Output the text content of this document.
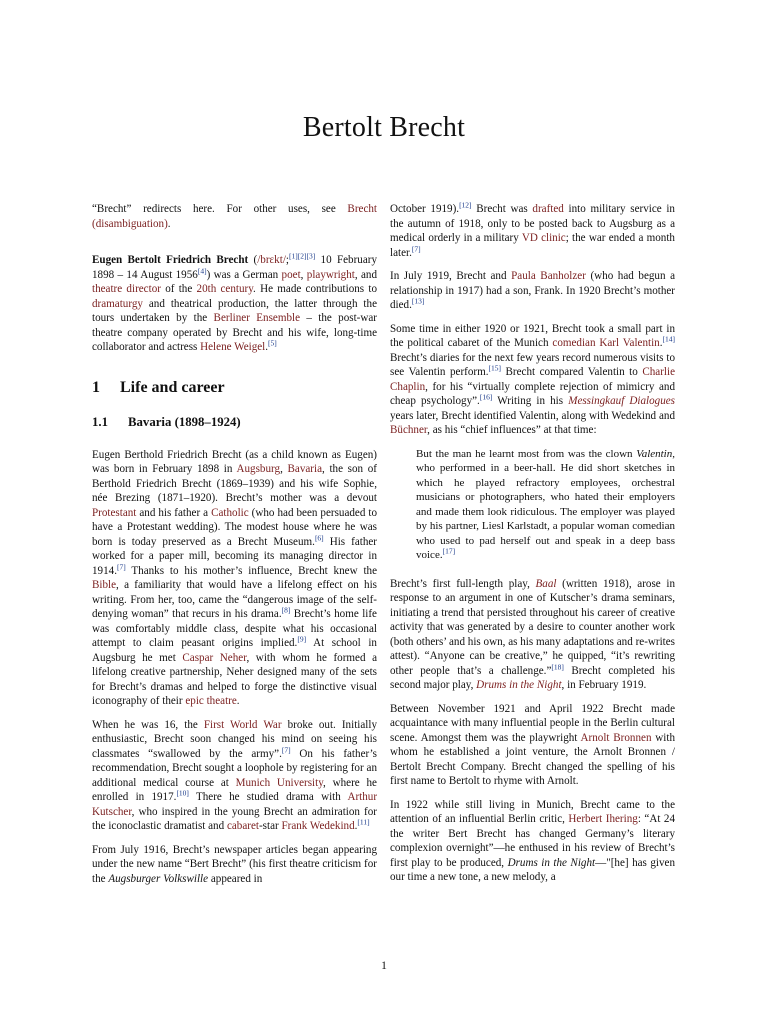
Bertolt Brecht

“Brecht” redirects here. For other uses, see Brecht (disambiguation).

Eugen Bertolt Friedrich Brecht (/brɛkt/;[1][2][3] 10 February 1898 – 14 August 1956[4]) was a German poet, playwright, and theatre director of the 20th century. He made contributions to dramaturgy and theatrical production, the latter through the tours undertaken by the Berliner Ensemble – the post-war theatre company operated by Brecht and his wife, long-time collaborator and actress Helene Weigel.[5]

1 Life and career
1.1 Bavaria (1898–1924)

Eugen Berthold Friedrich Brecht (as a child known as Eugen) was born in February 1898 in Augsburg, Bavaria, the son of Berthold Friedrich Brecht (1869–1939) and his wife Sophie, née Brezing (1871–1920). Brecht’s mother was a devout Protestant and his father a Catholic (who had been persuaded to have a Protestant wedding). The modest house where he was born is today preserved as a Brecht Museum.[6] His father worked for a paper mill, becoming its managing director in 1914.[7] Thanks to his mother’s influence, Brecht knew the Bible, a familiarity that would have a lifelong effect on his writing. From her, too, came the “dangerous image of the self-denying woman” that recurs in his drama.[8] Brecht’s home life was comfortably middle class, despite what his occasional attempt to claim peasant origins implied.[9] At school in Augsburg he met Caspar Neher, with whom he formed a lifelong creative partnership, Neher designed many of the sets for Brecht’s dramas and helped to forge the distinctive visual iconography of their epic theatre.

When he was 16, the First World War broke out. Initially enthusiastic, Brecht soon changed his mind on seeing his classmates “swallowed by the army”.[7] On his father’s recommendation, Brecht sought a loophole by registering for an additional medical course at Munich University, where he enrolled in 1917.[10] There he studied drama with Arthur Kutscher, who inspired in the young Brecht an admiration for the iconoclastic dramatist and cabaret-star Frank Wedekind.[11]

From July 1916, Brecht’s newspaper articles began appearing under the new name “Bert Brecht” (his first theatre criticism for the Augsburger Volkswille appeared in

October 1919).[12] Brecht was drafted into military service in the autumn of 1918, only to be posted back to Augsburg as a medical orderly in a military VD clinic; the war ended a month later.[7]

In July 1919, Brecht and Paula Banholzer (who had begun a relationship in 1917) had a son, Frank. In 1920 Brecht’s mother died.[13]

Some time in either 1920 or 1921, Brecht took a small part in the political cabaret of the Munich comedian Karl Valentin.[14] Brecht’s diaries for the next few years record numerous visits to see Valentin perform.[15] Brecht compared Valentin to Charlie Chaplin, for his “virtually complete rejection of mimicry and cheap psychology”.[16] Writing in his Messingkauf Dialogues years later, Brecht identified Valentin, along with Wedekind and Büchner, as his “chief influences” at that time:

But the man he learnt most from was the clown Valentin, who performed in a beer-hall. He did short sketches in which he played refractory employees, orchestral musicians or photographers, who hated their employers and made them look ridiculous. The employer was played by his partner, Liesl Karlstadt, a popular woman comedian who used to pad herself out and speak in a deep bass voice.[17]

Brecht’s first full-length play, Baal (written 1918), arose in response to an argument in one of Kutscher’s drama seminars, initiating a trend that persisted throughout his career of creative activity that was generated by a desire to counter another work (both others’ and his own, as his many adaptations and re-writes attest). “Anyone can be creative,” he quipped, “it’s rewriting other people that’s a challenge.”[18] Brecht completed his second major play, Drums in the Night, in February 1919.

Between November 1921 and April 1922 Brecht made acquaintance with many influential people in the Berlin cultural scene. Amongst them was the playwright Arnolt Bronnen with whom he established a joint venture, the Arnolt Bronnen / Bertolt Brecht Company. Brecht changed the spelling of his first name to Bertolt to rhyme with Arnolt.

In 1922 while still living in Munich, Brecht came to the attention of an influential Berlin critic, Herbert Ihering: “At 24 the writer Bert Brecht has changed Germany’s literary complexion overnight”—he enthused in his review of Brecht’s first play to be produced, Drums in the Night—"[he] has given our time a new tone, a new melody, a

1
